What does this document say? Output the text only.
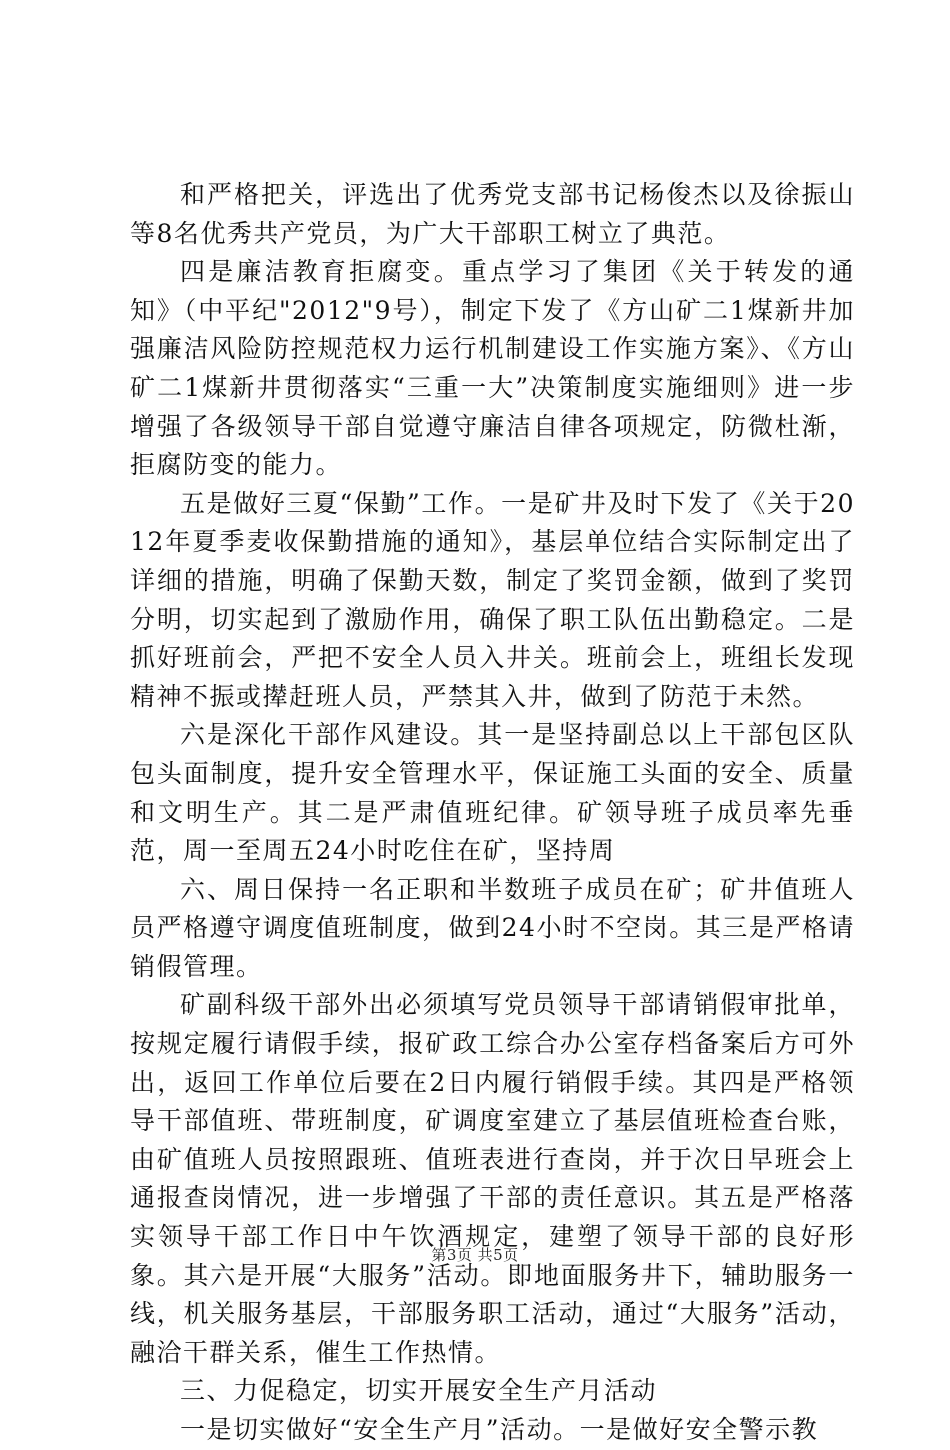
和严格把关，评选出了优秀党支部书记杨俊杰以及徐振山等8名优秀共产党员，为广大干部职工树立了典范。

四是廉洁教育拒腐变。重点学习了集团《关于转发的通知》（中平纪"2012"9号），制定下发了《方山矿二1煤新井加强廉洁风险防控规范权力运行机制建设工作实施方案》、《方山矿二1煤新井贯彻落实“三重一大”决策制度实施细则》进一步增强了各级领导干部自觉遵守廉洁自律各项规定，防微杜渐，拒腐防变的能力。

五是做好三夏“保勤”工作。一是矿井及时下发了《关于2012年夏季麦收保勤措施的通知》，基层单位结合实际制定出了详细的措施，明确了保勤天数，制定了奖罚金额，做到了奖罚分明，切实起到了激励作用，确保了职工队伍出勤稳定。二是抓好班前会，严把不安全人员入井关。班前会上，班组长发现精神不振或撵赶班人员，严禁其入井，做到了防范于未然。

六是深化干部作风建设。其一是坚持副总以上干部包区队包头面制度，提升安全管理水平，保证施工头面的安全、质量和文明生产。其二是严肃值班纪律。矿领导班子成员率先垂范，周一至周五24小时吃住在矿，坚持周

六、周日保持一名正职和半数班子成员在矿；矿井值班人员严格遵守调度值班制度，做到24小时不空岗。其三是严格请销假管理。

矿副科级干部外出必须填写党员领导干部请销假审批单，按规定履行请假手续，报矿政工综合办公室存档备案后方可外出，返回工作单位后要在2日内履行销假手续。其四是严格领导干部值班、带班制度，矿调度室建立了基层值班检查台账，由矿值班人员按照跟班、值班表进行查岗，并于次日早班会上通报查岗情况，进一步增强了干部的责任意识。其五是严格落实领导干部工作日中午饮酒规定，建塑了领导干部的良好形象。其六是开展“大服务”活动。即地面服务井下，辅助服务一线，机关服务基层，干部服务职工活动，通过“大服务”活动，融洽干群关系，催生工作热情。

三、力促稳定，切实开展安全生产月活动

一是切实做好“安全生产月”活动。一是做好安全警示教

第3页 共5页
